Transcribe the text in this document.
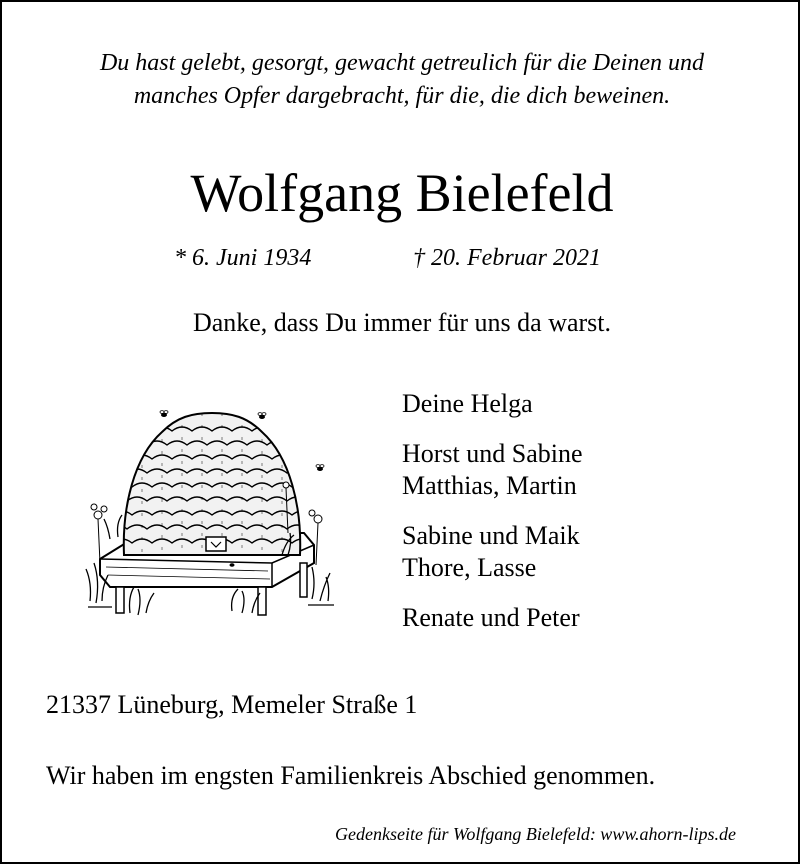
Du hast gelebt, gesorgt, gewacht getreulich für die Deinen und
manches Opfer dargebracht, für die, die dich beweinen.
Wolfgang Bielefeld
* 6. Juni 1934	† 20. Februar 2021
Danke, dass Du immer für uns da warst.
Deine Helga
Horst und Sabine
Matthias, Martin
Sabine und Maik
Thore, Lasse
Renate und Peter
21337 Lüneburg, Memeler Straße 1
Wir haben im engsten Familienkreis Abschied genommen.
Gedenkseite für Wolfgang Bielefeld: www.ahorn-lips.de
